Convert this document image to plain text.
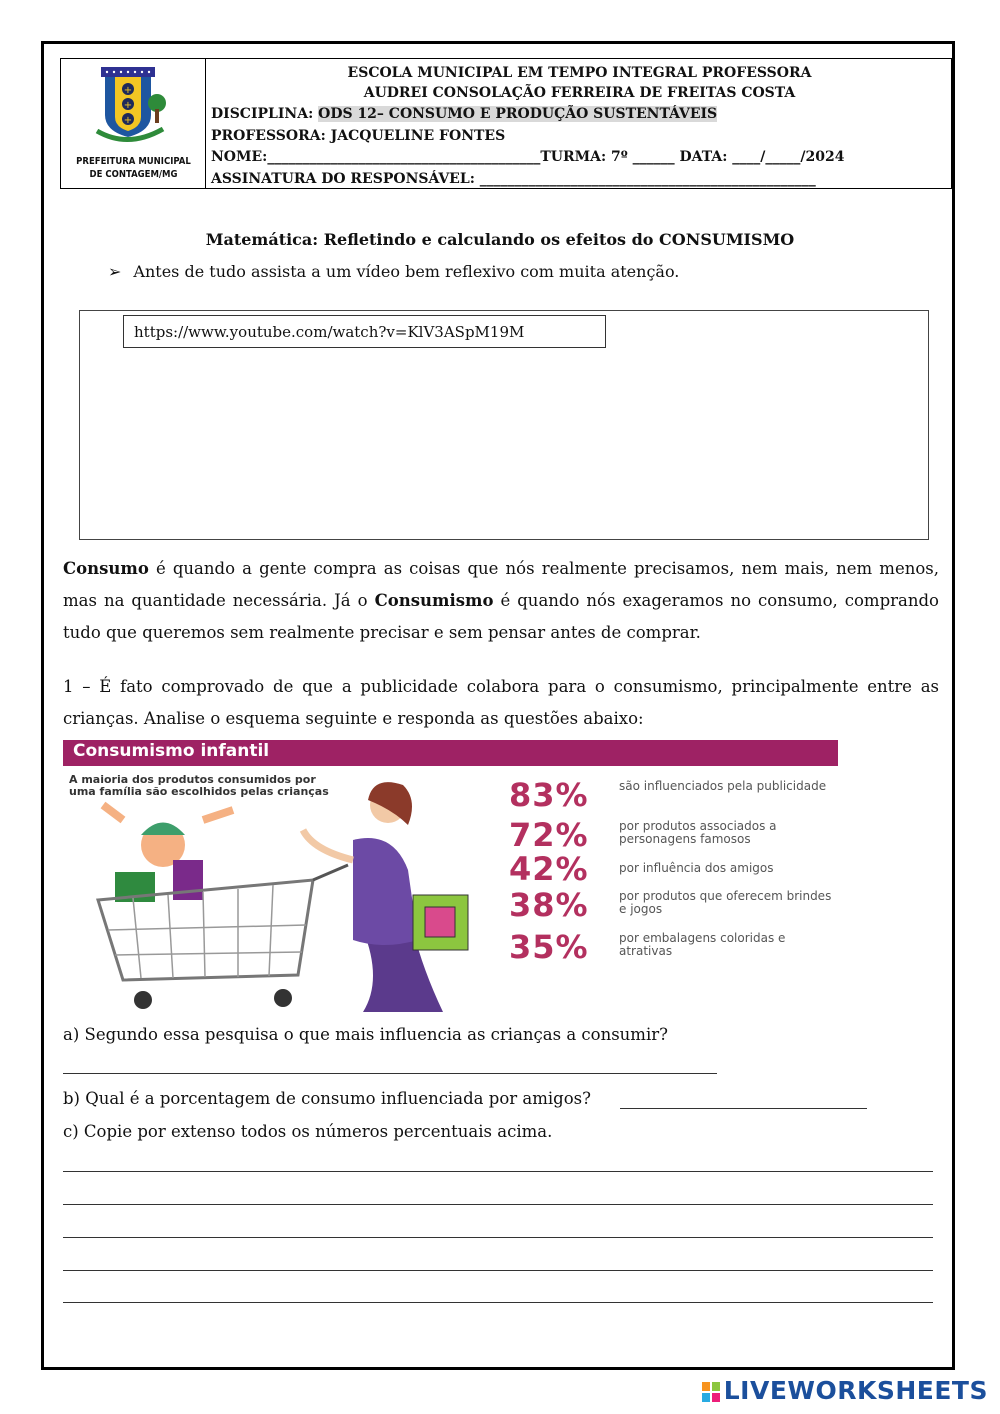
+
+
+
PREFEITURA MUNICIPAL
DE CONTAGEM/MG
ESCOLA MUNICIPAL EM TEMPO INTEGRAL PROFESSORA
AUDREI CONSOLAÇÃO FERREIRA DE FREITAS COSTA
DISCIPLINA: ODS 12– CONSUMO E PRODUÇÃO SUSTENTÁVEIS
PROFESSORA: JACQUELINE FONTES
NOME:_______________________________________TURMA: 7º ______ DATA: ____/_____/2024
ASSINATURA DO RESPONSÁVEL: ________________________________________________
Matemática: Refletindo e calculando os efeitos do CONSUMISMO
➢ Antes de tudo assista a um vídeo bem reflexivo com muita atenção.
https://www.youtube.com/watch?v=KlV3ASpM19M
Consumo é quando a gente compra as coisas que nós realmente precisamos, nem mais, nem menos, mas na quantidade necessária. Já o Consumismo é quando nós exageramos no consumo, comprando tudo que queremos sem realmente precisar e sem pensar antes de comprar.
1 – É fato comprovado de que a publicidade colabora para o consumismo, principalmente entre as crianças. Analise o esquema seguinte e responda as questões abaixo:
Consumismo infantil
A maioria dos produtos consumidos por uma família são escolhidos pelas crianças	83%	são influenciados pela publicidade
72%	por produtos associados a personagens famosos
42%	por influência dos amigos
38%	por produtos que oferecem brindes e jogos
35%	por embalagens coloridas e atrativas
a) Segundo essa pesquisa o que mais influencia as crianças a consumir?
b) Qual é a porcentagem de consumo influenciada por amigos?
c) Copie por extenso todos os números percentuais acima.
LIVEWORKSHEETS
